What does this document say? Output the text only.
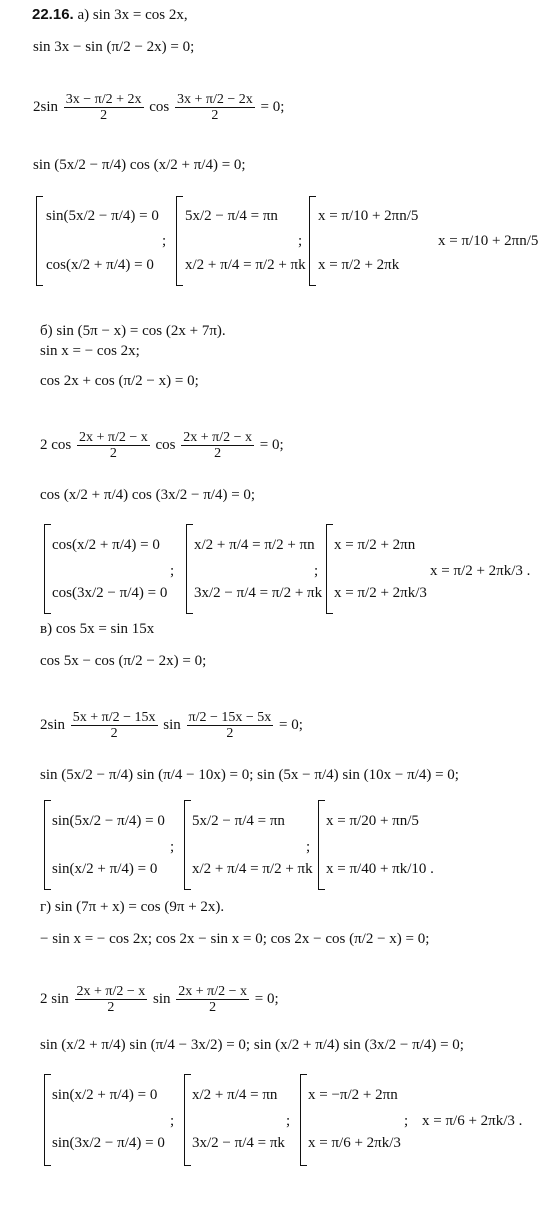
22.16. а) sin 3x = cos 2x,
sin 3x − sin (π/2 − 2x) = 0;
$2\sin \frac{3x - \pi/2 + 2x}{2}$ $\cos \frac{3x + \pi/2 - 2x}{2} = 0$;
sin (5x/2 − π/4) cos (x/2 + π/4) = 0;
sin(5x/2 − π/4) = 0
cos(x/2 + π/4) = 0
;
5x/2 − π/4 = πn
x/2 + π/4 = π/2 + πk
;
x = π/10 + 2πn/5
x = π/2 + 2πk
x = π/10 + 2πn/5
б) sin (5π − x) = cos (2x + 7π).
sin x = − cos 2x;
cos 2x + cos (π/2 − x) = 0;
2 $\cos \frac{2x + \pi/2 - x}{2}$ $\cos \frac{2x + \pi/2 - x}{2} = 0$;
cos (x/2 + π/4) cos (3x/2 − π/4) = 0;
cos(x/2 + π/4) = 0
cos(3x/2 − π/4) = 0
;
x/2 + π/4 = π/2 + πn
3x/2 − π/4 = π/2 + πk
;
x = π/2 + 2πn
x = π/2 + 2πk/3
x = π/2 + 2πk/3 .
в) cos 5x = sin 15x
cos 5x − cos (π/2 − 2x) = 0;
$2\sin \frac{5x + \pi/2 - 15x}{2}$ $\sin \frac{\pi/2 - 15x - 5x}{2} = 0$;
sin (5x/2 − π/4) sin (π/4 − 10x) = 0; sin (5x − π/4) sin (10x − π/4) = 0;
sin(5x/2 − π/4) = 0
sin(x/2 + π/4) = 0
;
5x/2 − π/4 = πn
x/2 + π/4 = π/2 + πk
;
x = π/20 + πn/5
x = π/40 + πk/10 .
г) sin (7π + x) = cos (9π + 2x).
− sin x = − cos 2x; cos 2x − sin x = 0; cos 2x − cos (π/2 − x) = 0;
2 $\sin \frac{2x + \pi/2 - x}{2}$ $\sin \frac{2x + \pi/2 - x}{2} = 0$;
sin (x/2 + π/4) sin (π/4 − 3x/2) = 0; sin (x/2 + π/4) sin (3x/2 − π/4) = 0;
sin(x/2 + π/4) = 0
sin(3x/2 − π/4) = 0
;
x/2 + π/4 = πn
3x/2 − π/4 = πk
;
x = −π/2 + 2πn
x = π/6 + 2πk/3
; x = π/6 + 2πk/3 .
